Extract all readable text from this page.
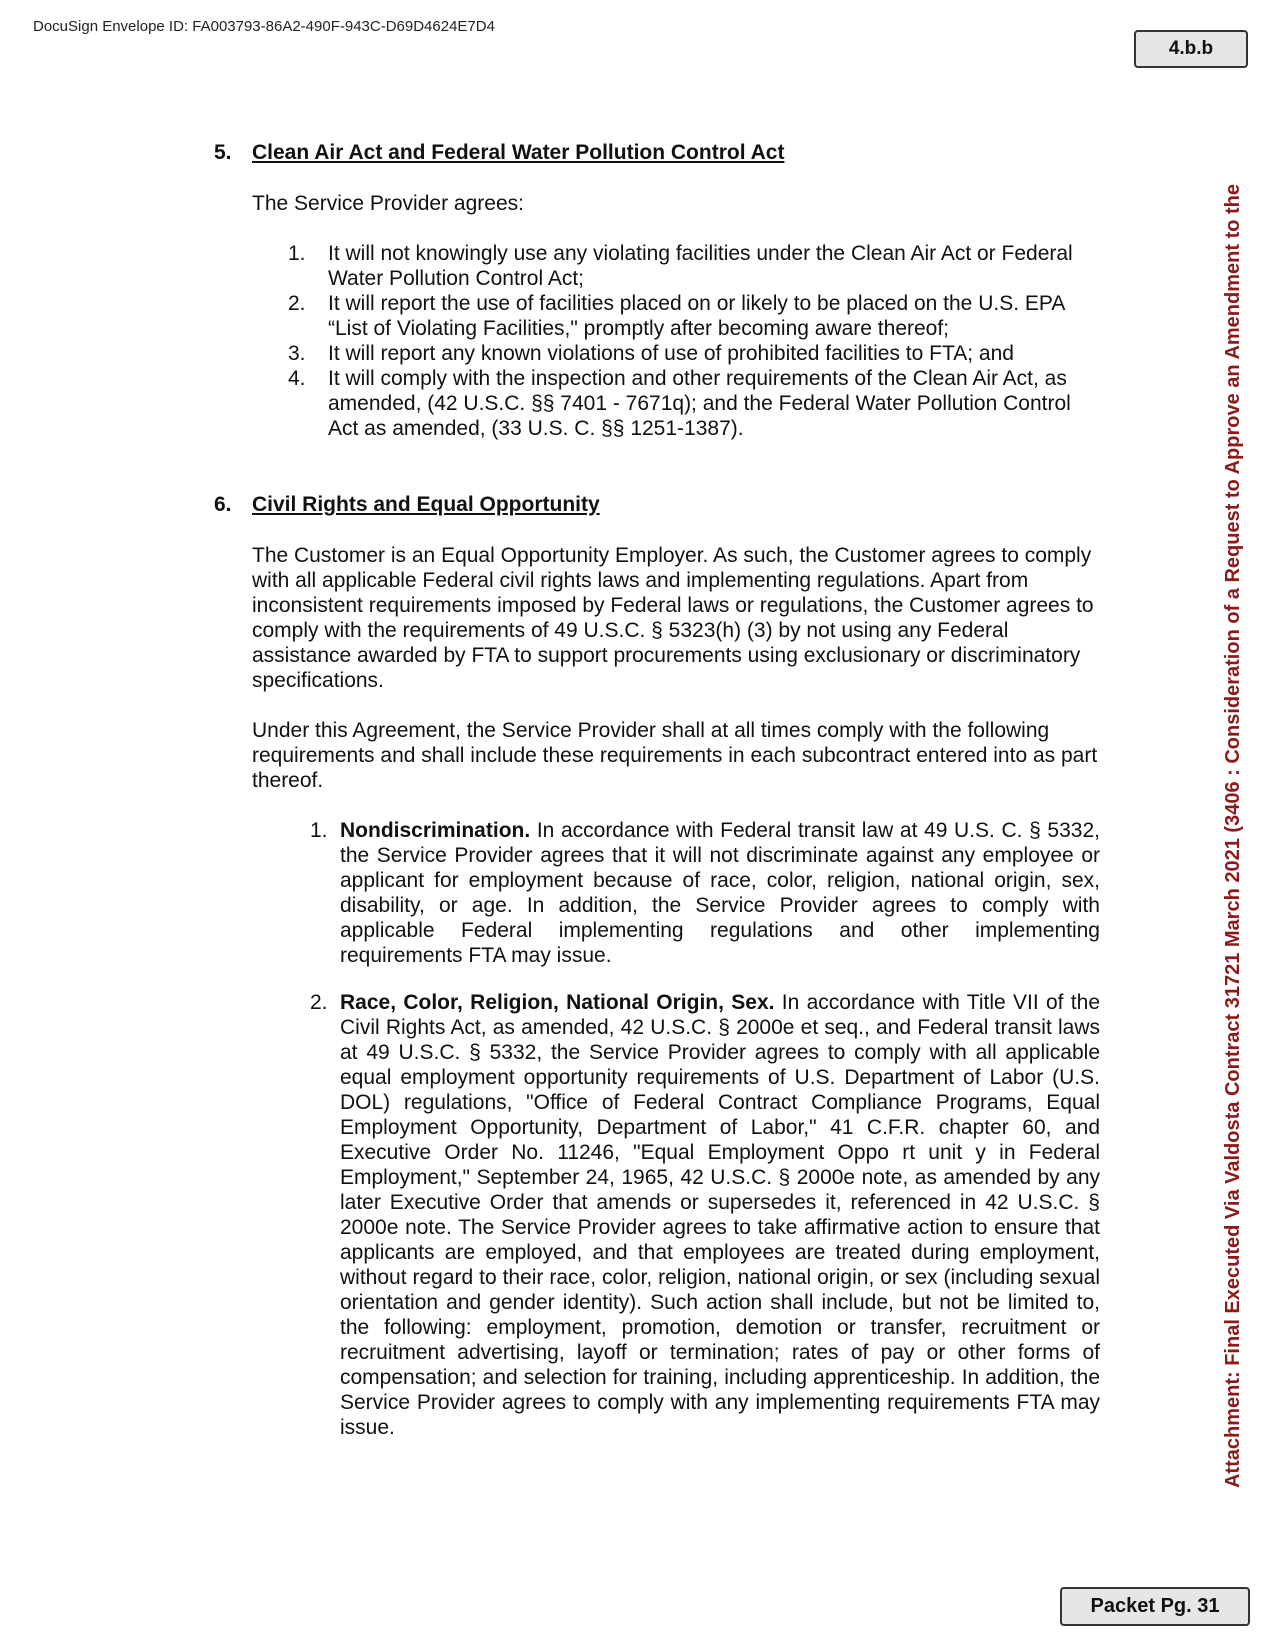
DocuSign Envelope ID: FA003793-86A2-490F-943C-D69D4624E7D4
4.b.b
Attachment: Final Executed Via Valdosta Contract 31721 March 2021 (3406 : Consideration of a Request to Approve an Amendment to the
5. Clean Air Act and Federal Water Pollution Control Act

The Service Provider agrees:

1. It will not knowingly use any violating facilities under the Clean Air Act or Federal Water Pollution Control Act;
2. It will report the use of facilities placed on or likely to be placed on the U.S. EPA “List of Violating Facilities," promptly after becoming aware thereof;
3. It will report any known violations of use of prohibited facilities to FTA; and
4. It will comply with the inspection and other requirements of the Clean Air Act, as amended, (42 U.S.C. §§ 7401 - 7671q); and the Federal Water Pollution Control Act as amended, (33 U.S. C. §§ 1251-1387).
6. Civil Rights and Equal Opportunity

The Customer is an Equal Opportunity Employer. As such, the Customer agrees to comply with all applicable Federal civil rights laws and implementing regulations. Apart from inconsistent requirements imposed by Federal laws or regulations, the Customer agrees to comply with the requirements of 49 U.S.C. § 5323(h) (3) by not using any Federal assistance awarded by FTA to support procurements using exclusionary or discriminatory specifications.

Under this Agreement, the Service Provider shall at all times comply with the following requirements and shall include these requirements in each subcontract entered into as part thereof.

1. Nondiscrimination. In accordance with Federal transit law at 49 U.S. C. § 5332, the Service Provider agrees that it will not discriminate against any employee or applicant for employment because of race, color, religion, national origin, sex, disability, or age. In addition, the Service Provider agrees to comply with applicable Federal implementing regulations and other implementing requirements FTA may issue.
2. Race, Color, Religion, National Origin, Sex. In accordance with Title VII of the Civil Rights Act, as amended, 42 U.S.C. § 2000e et seq., and Federal transit laws at 49 U.S.C. § 5332, the Service Provider agrees to comply with all applicable equal employment opportunity requirements of U.S. Department of Labor (U.S. DOL) regulations, "Office of Federal Contract Compliance Programs, Equal Employment Opportunity, Department of Labor," 41 C.F.R. chapter 60, and Executive Order No. 11246, "Equal Employment Oppo rt unit y in Federal Employment," September 24, 1965, 42 U.S.C. § 2000e note, as amended by any later Executive Order that amends or supersedes it, referenced in 42 U.S.C. § 2000e note. The Service Provider agrees to take affirmative action to ensure that applicants are employed, and that employees are treated during employment, without regard to their race, color, religion, national origin, or sex (including sexual orientation and gender identity). Such action shall include, but not be limited to, the following: employment, promotion, demotion or transfer, recruitment or recruitment advertising, layoff or termination; rates of pay or other forms of compensation; and selection for training, including apprenticeship. In addition, the Service Provider agrees to comply with any implementing requirements FTA may issue.
Packet Pg. 31
